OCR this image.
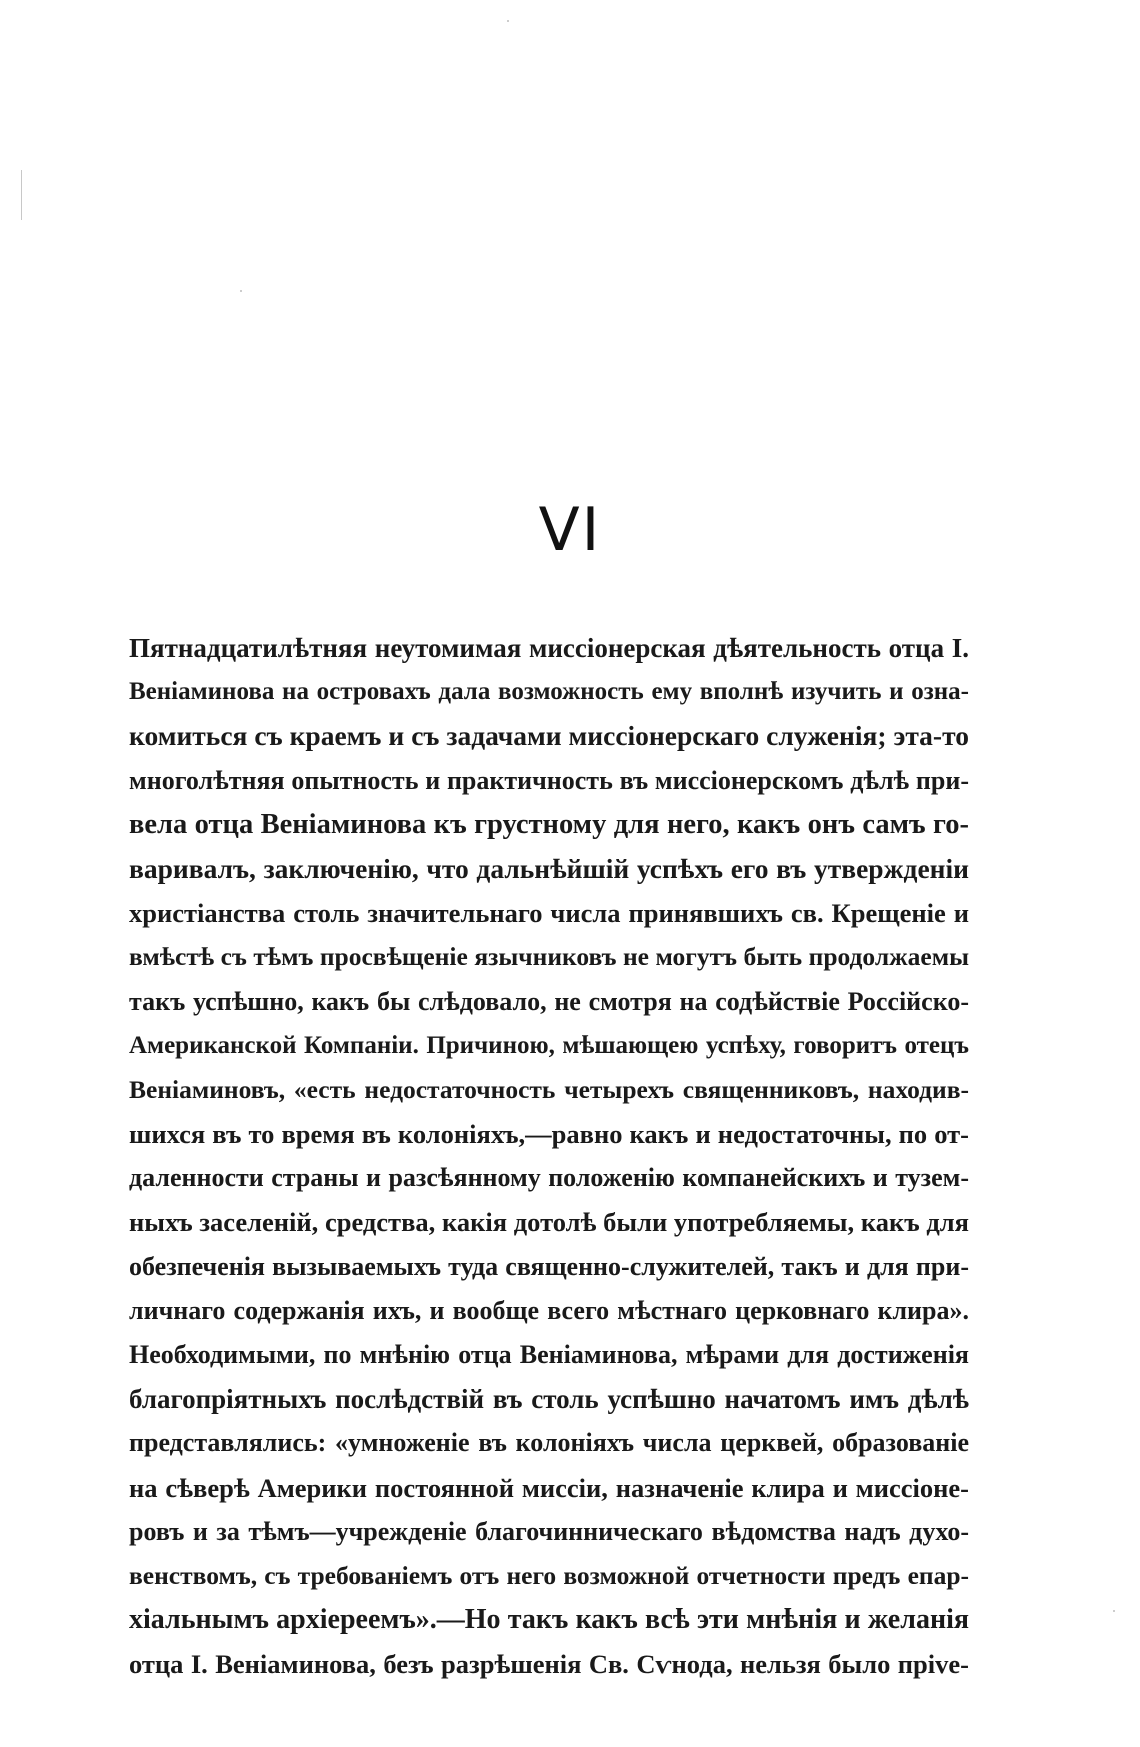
VI
Пятнадцатилѣтняя неутомимая миссіонерская дѣятельность отца І.
Веніаминова на островахъ дала возможность ему вполнѣ изучить и озна-
комиться съ краемъ и съ задачами миссіонерскаго служенія; эта-то
многолѣтняя опытность и практичность въ миссіонерскомъ дѣлѣ при-
вела отца Веніаминова къ грустному для него, какъ онъ самъ го-
варивалъ, заключенію, что дальнѣйшій успѣхъ его въ утвержденіи
христіанства столь значительнаго числа принявшихъ св. Крещеніе и
вмѣстѣ съ тѣмъ просвѣщеніе язычниковъ не могутъ быть продолжаемы
такъ успѣшно, какъ бы слѣдовало, не смотря на содѣйствіе Россійско-
Американской Компаніи. Причиною, мѣшающею успѣху, говоритъ отецъ
Веніаминовъ, «есть недостаточность четырехъ священниковъ, находив-
шихся въ то время въ колоніяхъ,—равно какъ и недостаточны, по от-
даленности страны и разсѣянному положенію компанейскихъ и тузем-
ныхъ заселеній, средства, какія дотолѣ были употребляемы, какъ для
обезпеченія вызываемыхъ туда священно-служителей, такъ и для при-
личнаго содержанія ихъ, и вообще всего мѣстнаго церковнаго клира».
Необходимыми, по мнѣнію отца Веніаминова, мѣрами для достиженія
благопріятныхъ послѣдствій въ столь успѣшно начатомъ имъ дѣлѣ
представлялись: «умноженіе въ колоніяхъ числа церквей, образованіе
на сѣверѣ Америки постоянной миссіи, назначеніе клира и миссіоне-
ровъ и за тѣмъ—учрежденіе благочинническаго вѣдомства надъ духо-
венствомъ, съ требованіемъ отъ него возможной отчетности предъ епар-
хіальнымъ архіереемъ».—Но такъ какъ всѣ эти мнѣнія и желанія
отца І. Веніаминова, безъ разрѣшенія Св. Сѵнода, нельзя было прive-
